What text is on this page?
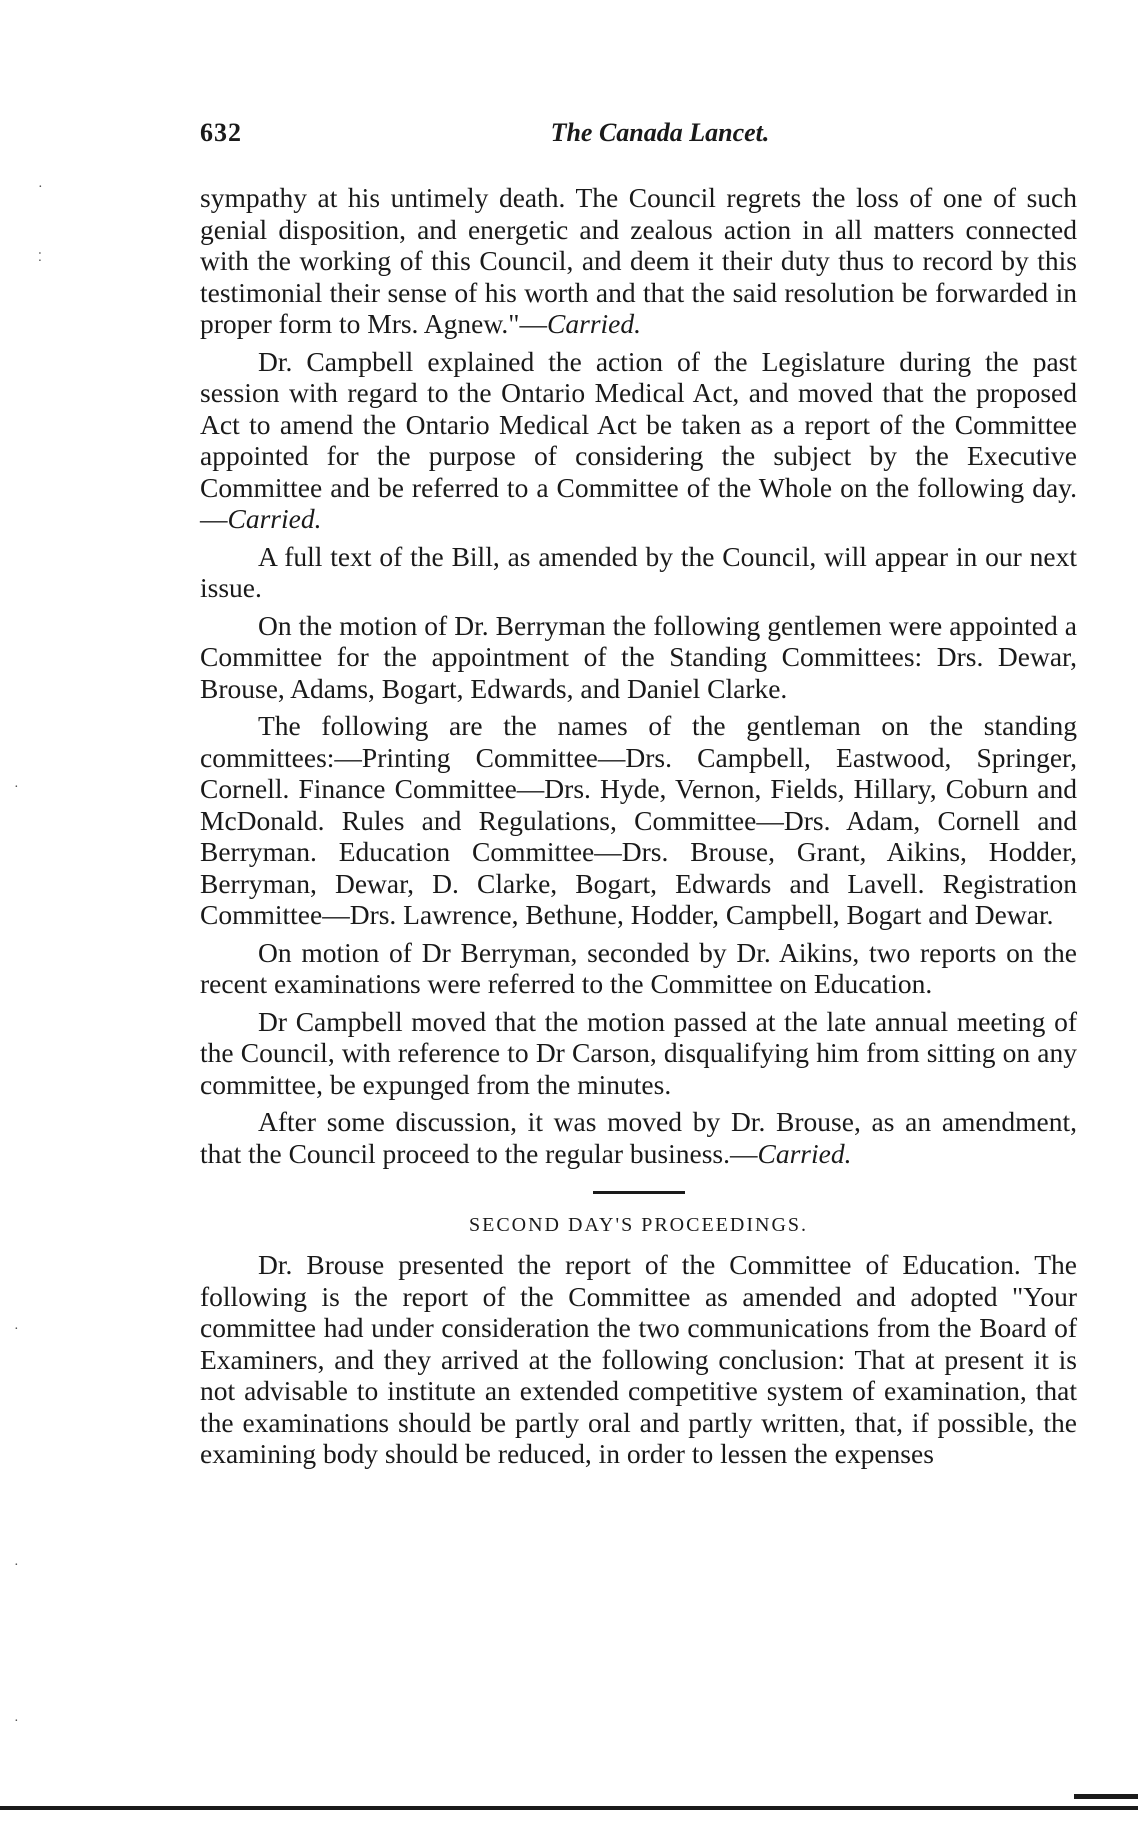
·
⁚
·
·
·
·
632	The Canada Lancet.

sympathy at his untimely death. The Council regrets the loss of one of such genial disposition, and energetic and zealous action in all matters connected with the working of this Council, and deem it their duty thus to record by this testimonial their sense of his worth and that the said resolution be forwarded in proper form to Mrs. Agnew."—Carried.

Dr. Campbell explained the action of the Legislature during the past session with regard to the Ontario Medical Act, and moved that the proposed Act to amend the Ontario Medical Act be taken as a report of the Committee appointed for the purpose of considering the subject by the Executive Committee and be referred to a Committee of the Whole on the following day.—Carried.

A full text of the Bill, as amended by the Council, will appear in our next issue.

On the motion of Dr. Berryman the following gentlemen were appointed a Committee for the appointment of the Standing Committees: Drs. Dewar, Brouse, Adams, Bogart, Edwards, and Daniel Clarke.

The following are the names of the gentleman on the standing committees:—Printing Committee—Drs. Campbell, Eastwood, Springer, Cornell. Finance Committee—Drs. Hyde, Vernon, Fields, Hillary, Coburn and McDonald. Rules and Regulations, Committee—Drs. Adam, Cornell and Berryman. Education Committee—Drs. Brouse, Grant, Aikins, Hodder, Berryman, Dewar, D. Clarke, Bogart, Edwards and Lavell. Registration Committee—Drs. Lawrence, Bethune, Hodder, Campbell, Bogart and Dewar.

On motion of Dr Berryman, seconded by Dr. Aikins, two reports on the recent examinations were referred to the Committee on Education.

Dr Campbell moved that the motion passed at the late annual meeting of the Council, with reference to Dr Carson, disqualifying him from sitting on any committee, be expunged from the minutes.

After some discussion, it was moved by Dr. Brouse, as an amendment, that the Council proceed to the regular business.—Carried.

SECOND DAY'S PROCEEDINGS.

Dr. Brouse presented the report of the Committee of Education. The following is the report of the Committee as amended and adopted "Your committee had under consideration the two communications from the Board of Examiners, and they arrived at the following conclusion: That at present it is not advisable to institute an extended competitive system of examination, that the examinations should be partly oral and partly written, that, if possible, the examining body should be reduced, in order to lessen the expenses
